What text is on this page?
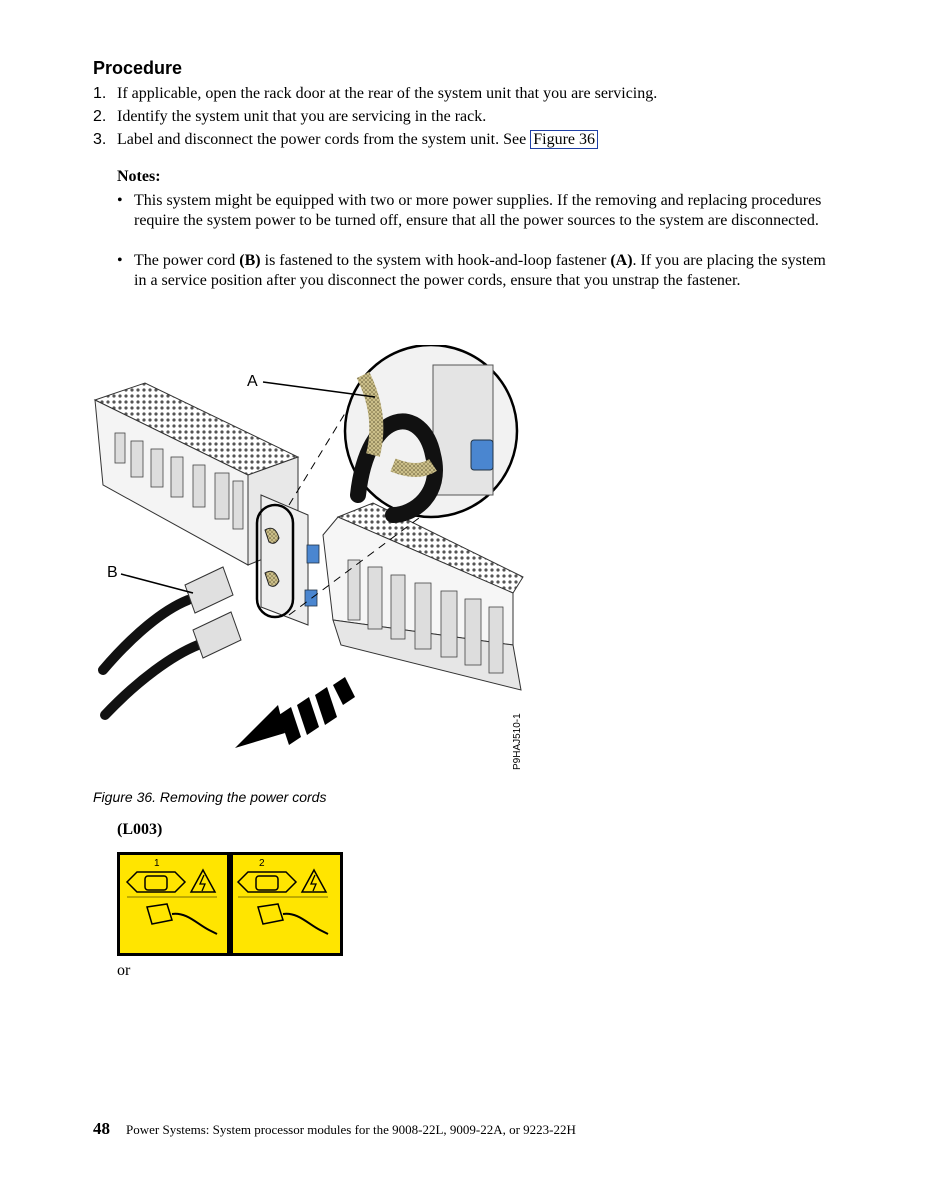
Procedure
1. If applicable, open the rack door at the rear of the system unit that you are servicing.
2. Identify the system unit that you are servicing in the rack.
3. Label and disconnect the power cords from the system unit. See Figure 36
Notes:
• This system might be equipped with two or more power supplies. If the removing and replacing procedures require the system power to be turned off, ensure that all the power sources to the system are disconnected.
• The power cord (B) is fastened to the system with hook-and-loop fastener (A). If you are placing the system in a service position after you disconnect the power cords, ensure that you unstrap the fastener.
A
B
P9HAJ510-1
Figure 36. Removing the power cords
(L003)
1	2
or
48 Power Systems: System processor modules for the 9008-22L, 9009-22A, or 9223-22H
